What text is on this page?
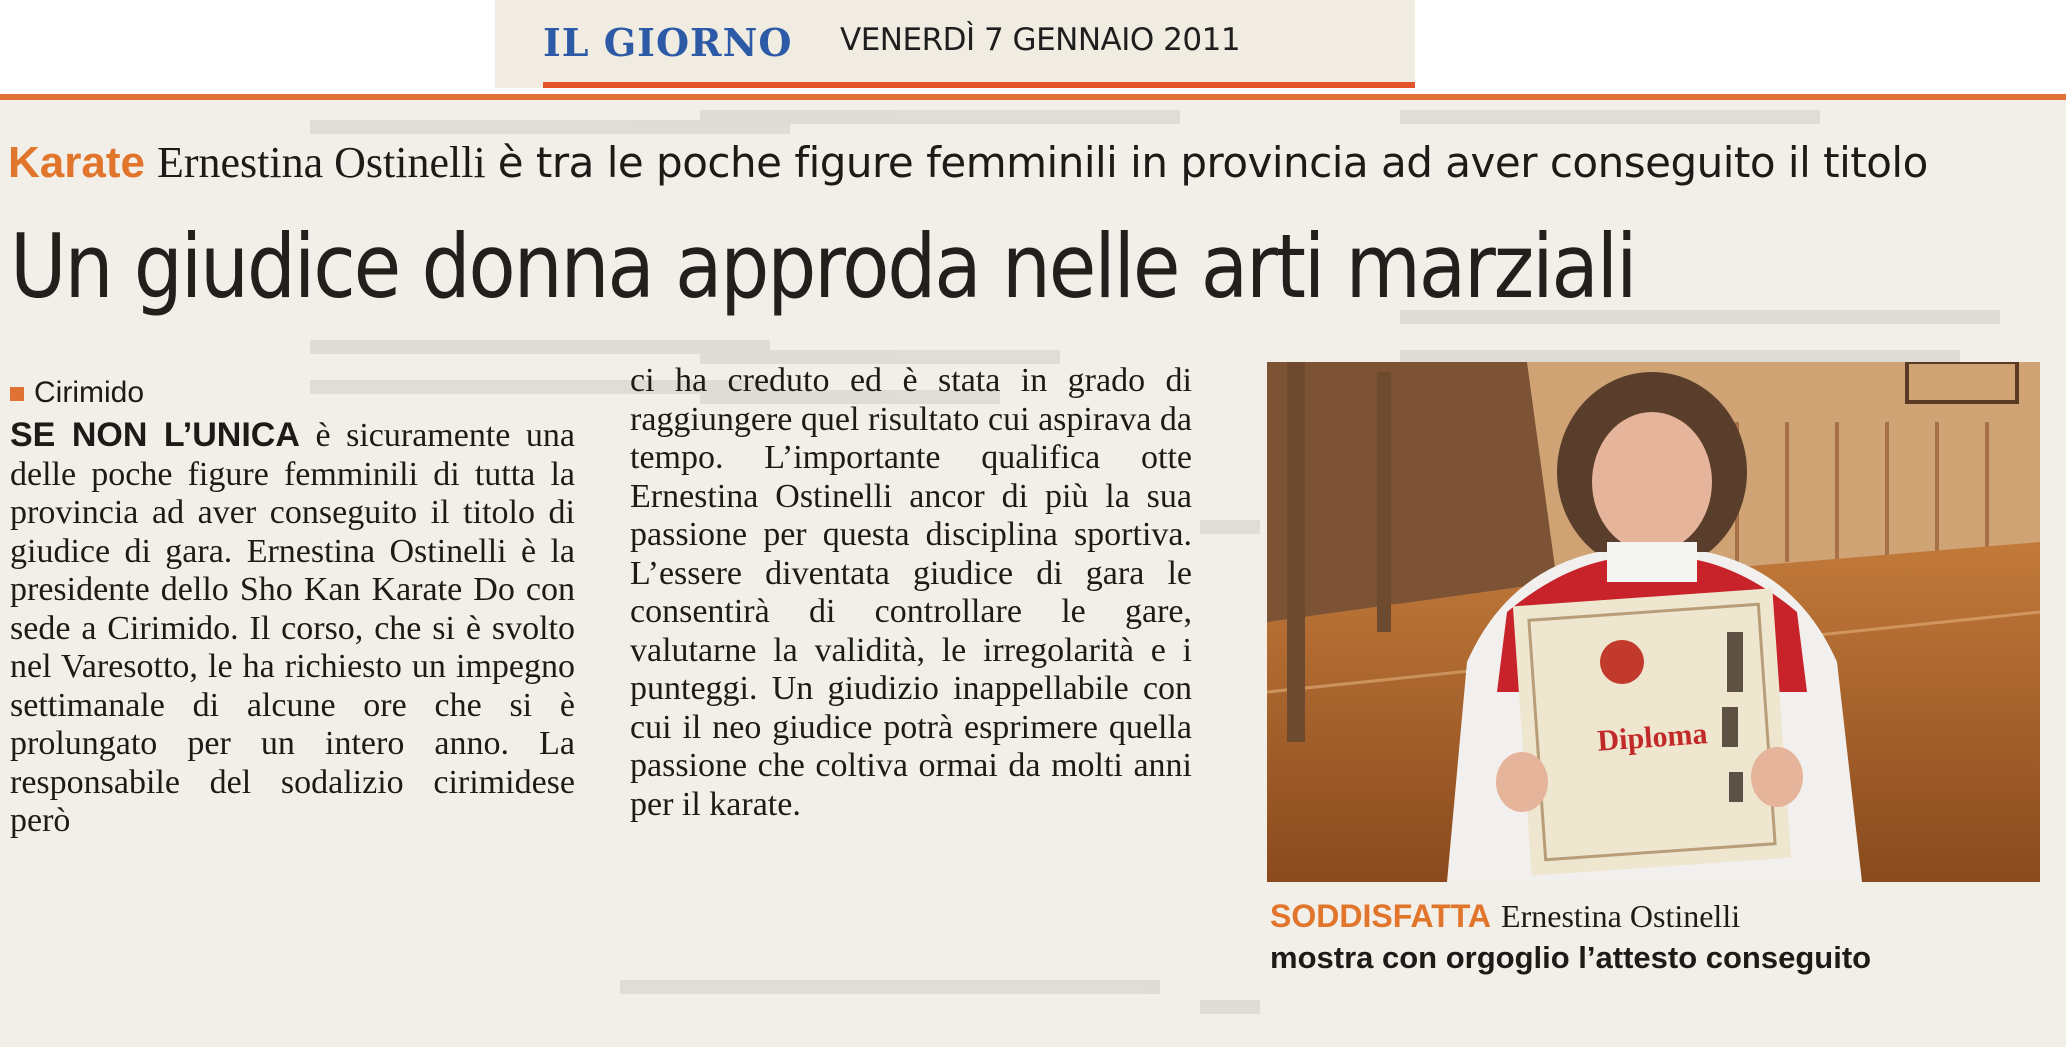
IL GIORNO VENERDÌ 7 GENNAIO 2011
Karate Ernestina Ostinelli è tra le poche figure femminili in provincia ad aver conseguito il titolo
Un giudice donna approda nelle arti marziali
Cirimido

SE NON L’UNICA è sicuramente una delle poche figure femminili di tutta la provincia ad aver conseguito il titolo di giudice di gara. Ernestina Ostinelli è la presidente dello Sho Kan Karate Do con sede a Cirimido. Il corso, che si è svolto nel Varesotto, le ha richiesto un impegno settimanale di alcune ore che si è prolungato per un intero anno. La responsabile del sodalizio cirimidese però

ci ha creduto ed è stata in grado di raggiungere quel risultato cui aspirava da tempo. L’importante qualifica otte Ernestina Ostinelli ancor di più la sua passione per questa disciplina sportiva. L’essere diventata giudice di gara le consentirà di controllare le gare, valutarne la validità, le irregolarità e i punteggi. Un giudizio inappellabile con cui il neo giudice potrà esprimere quella passione che coltiva ormai da molti anni per il karate.

Diploma
SODDISFATTA Ernestina Ostinelli
mostra con orgoglio l’attesto conseguito
